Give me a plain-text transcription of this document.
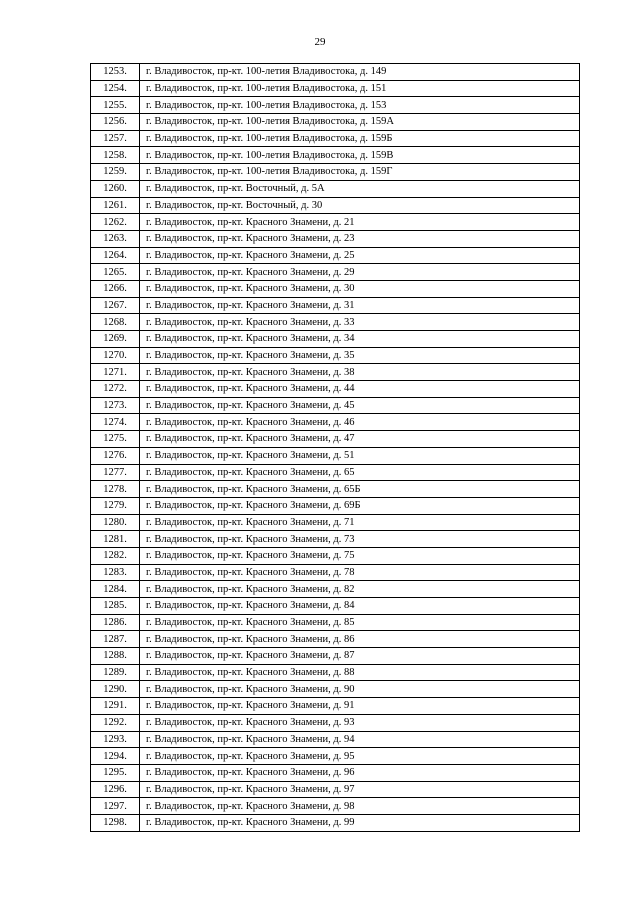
29
1253.	г. Владивосток, пр-кт. 100-летия Владивостока, д. 149
1254.	г. Владивосток, пр-кт. 100-летия Владивостока, д. 151
1255.	г. Владивосток, пр-кт. 100-летия Владивостока, д. 153
1256.	г. Владивосток, пр-кт. 100-летия Владивостока, д. 159А
1257.	г. Владивосток, пр-кт. 100-летия Владивостока, д. 159Б
1258.	г. Владивосток, пр-кт. 100-летия Владивостока, д. 159В
1259.	г. Владивосток, пр-кт. 100-летия Владивостока, д. 159Г
1260.	г. Владивосток, пр-кт. Восточный, д. 5А
1261.	г. Владивосток, пр-кт. Восточный, д. 30
1262.	г. Владивосток, пр-кт. Красного Знамени, д. 21
1263.	г. Владивосток, пр-кт. Красного Знамени, д. 23
1264.	г. Владивосток, пр-кт. Красного Знамени, д. 25
1265.	г. Владивосток, пр-кт. Красного Знамени, д. 29
1266.	г. Владивосток, пр-кт. Красного Знамени, д. 30
1267.	г. Владивосток, пр-кт. Красного Знамени, д. 31
1268.	г. Владивосток, пр-кт. Красного Знамени, д. 33
1269.	г. Владивосток, пр-кт. Красного Знамени, д. 34
1270.	г. Владивосток, пр-кт. Красного Знамени, д. 35
1271.	г. Владивосток, пр-кт. Красного Знамени, д. 38
1272.	г. Владивосток, пр-кт. Красного Знамени, д. 44
1273.	г. Владивосток, пр-кт. Красного Знамени, д. 45
1274.	г. Владивосток, пр-кт. Красного Знамени, д. 46
1275.	г. Владивосток, пр-кт. Красного Знамени, д. 47
1276.	г. Владивосток, пр-кт. Красного Знамени, д. 51
1277.	г. Владивосток, пр-кт. Красного Знамени, д. 65
1278.	г. Владивосток, пр-кт. Красного Знамени, д. 65Б
1279.	г. Владивосток, пр-кт. Красного Знамени, д. 69Б
1280.	г. Владивосток, пр-кт. Красного Знамени, д. 71
1281.	г. Владивосток, пр-кт. Красного Знамени, д. 73
1282.	г. Владивосток, пр-кт. Красного Знамени, д. 75
1283.	г. Владивосток, пр-кт. Красного Знамени, д. 78
1284.	г. Владивосток, пр-кт. Красного Знамени, д. 82
1285.	г. Владивосток, пр-кт. Красного Знамени, д. 84
1286.	г. Владивосток, пр-кт. Красного Знамени, д. 85
1287.	г. Владивосток, пр-кт. Красного Знамени, д. 86
1288.	г. Владивосток, пр-кт. Красного Знамени, д. 87
1289.	г. Владивосток, пр-кт. Красного Знамени, д. 88
1290.	г. Владивосток, пр-кт. Красного Знамени, д. 90
1291.	г. Владивосток, пр-кт. Красного Знамени, д. 91
1292.	г. Владивосток, пр-кт. Красного Знамени, д. 93
1293.	г. Владивосток, пр-кт. Красного Знамени, д. 94
1294.	г. Владивосток, пр-кт. Красного Знамени, д. 95
1295.	г. Владивосток, пр-кт. Красного Знамени, д. 96
1296.	г. Владивосток, пр-кт. Красного Знамени, д. 97
1297.	г. Владивосток, пр-кт. Красного Знамени, д. 98
1298.	г. Владивосток, пр-кт. Красного Знамени, д. 99
